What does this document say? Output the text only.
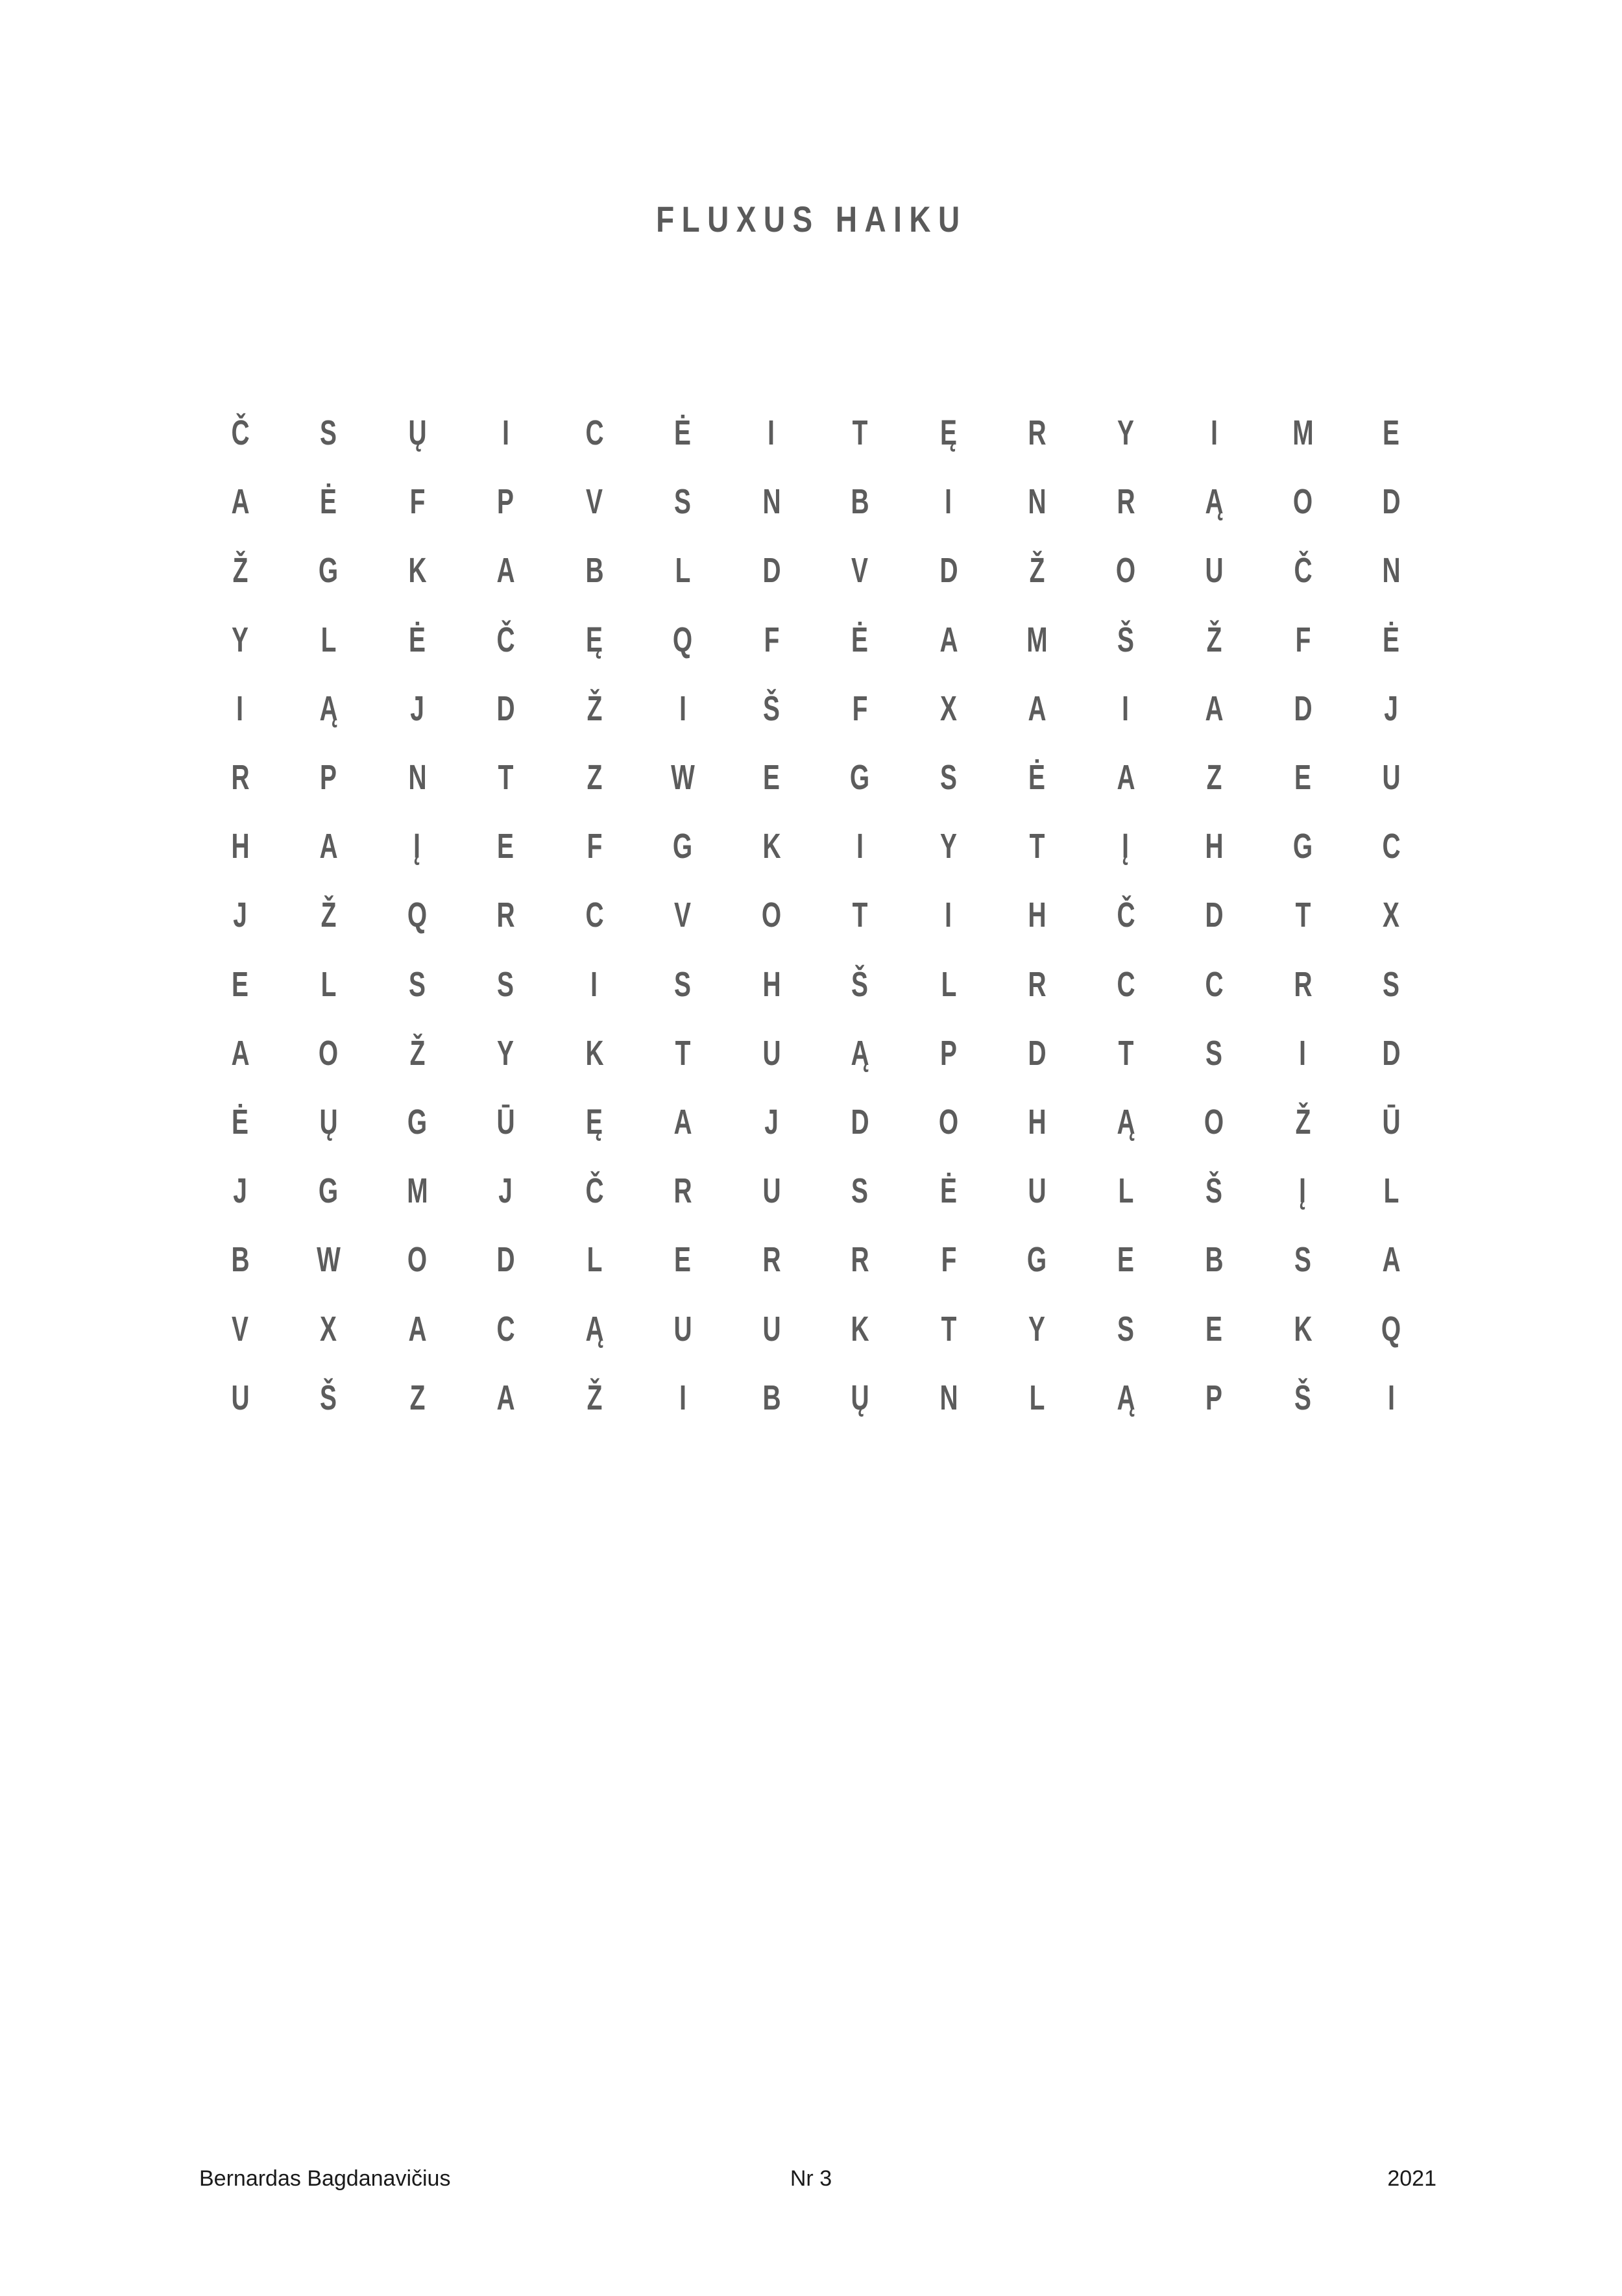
FLUXUS HAIKU
Č	S	Ų	I	C	Ė	I	T	Ę	R	Y	I	M	E
A	Ė	F	P	V	S	N	B	I	N	R	Ą	O	D
Ž	G	K	A	B	L	D	V	D	Ž	O	U	Č	N
Y	L	Ė	Č	Ę	Q	F	Ė	A	M	Š	Ž	F	Ė
I	Ą	J	D	Ž	I	Š	F	X	A	I	A	D	J
R	P	N	T	Z	W	E	G	S	Ė	A	Z	E	U
H	A	Į	E	F	G	K	I	Y	T	Į	H	G	C
J	Ž	Q	R	C	V	O	T	I	H	Č	D	T	X
E	L	S	S	I	S	H	Š	L	R	C	C	R	S
A	O	Ž	Y	K	T	U	Ą	P	D	T	S	I	D
Ė	Ų	G	Ū	Ę	A	J	D	O	H	Ą	O	Ž	Ū
J	G	M	J	Č	R	U	S	Ė	U	L	Š	Į	L
B	W	O	D	L	E	R	R	F	G	E	B	S	A
V	X	A	C	Ą	U	U	K	T	Y	S	E	K	Q
U	Š	Z	A	Ž	I	B	Ų	N	L	Ą	P	Š	I
Bernardas Bagdanavičius	Nr 3	2021
